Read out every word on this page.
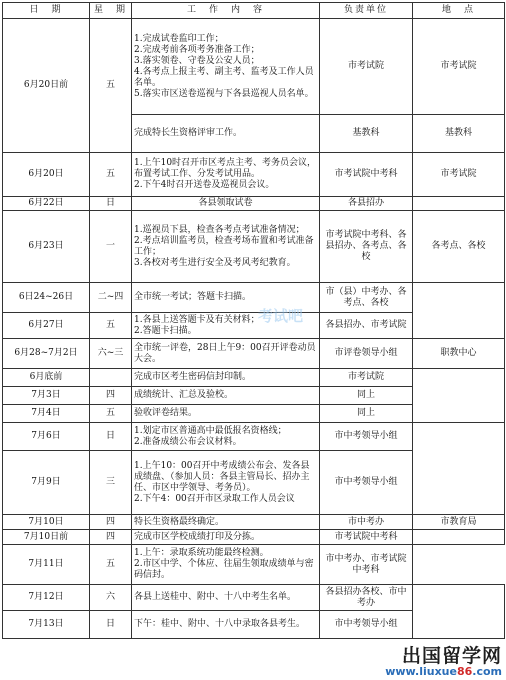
日　期	星　期	工　作　内　容	负责单位	地　点
6月20日前	五	1.完成试卷监印工作；
2.完成考前各项考务准备工作；
3.落实领卷、守卷及公安人员；
4.各考点上报主考、副主考、监考及工作人员名单。
5.落实市区送卷巡视与下各县巡视人员名单。	市考试院	市考试院

		完成特长生资格评审工作。	基教科	基教科
6月20日	五	1.上午10时召开市区考点主考、考务员会议，布置考试工作、分发考试用品。
2.下午4时召开送卷及巡视员会议。	市考试院中考科	市考试院
6月22日	日	各县领取试卷	各县招办	
6月23日	一	1.巡视员下县，检查各考点考试准备情况；
2.考点培训监考员，检查考场布置和考试准备工作；
3.各校对考生进行安全及考风考纪教育。	市考试院中考科、各县招办、各考点、各校	各考点、各校
6日24~26日	二~四	全市统一考试；答题卡扫描。	市（县）中考办、各考点、各校	
6月27日	五	1.各县上送答题卡及有关材料；
2.答题卡扫描。	各县招办、市考试院	
6月28~7月2日	六~三	全市统一评卷，28日上午9：00召开评卷动员大会。	市评卷领导小组	职教中心
6月底前		完成市区考生密码信封印制。	市考试院	
7月3日	四	成绩统计、汇总及验校。	同上	
7月4日	五	验收评卷结果。	同上	
7月6日	日	1.划定市区普通高中最低报名资格线；
2.准备成绩公布会议材料。	市中考领导小组	
7月9日	三	1.上午10：00召开中考成绩公布会、发各县成绩盘、（参加人员：各县主管局长、招办主任、市区中学领导、考务员）。
2.下午4：00召开市区录取工作人员会议	市中考领导小组	
7月10日	四	特长生资格最终确定。	市中考办	市教育局
7月10日前	四	完成市区学校成绩打印及分拣。	市考试院中考科	
7月11日	五	1.上午：录取系统功能最终检测。
2.市区中学、个体应、往届生领取成绩单与密码信封。	市中考办、市考试院中考科	
7月12日	六	各县上送桂中、附中、十八中考生名单。	各县招办各校、市中考办	
7月13日	日	下午：桂中、附中、十八中录取各县考生。	市中考领导小组	
考试吧
出国留学网
www.liuxue86.com
